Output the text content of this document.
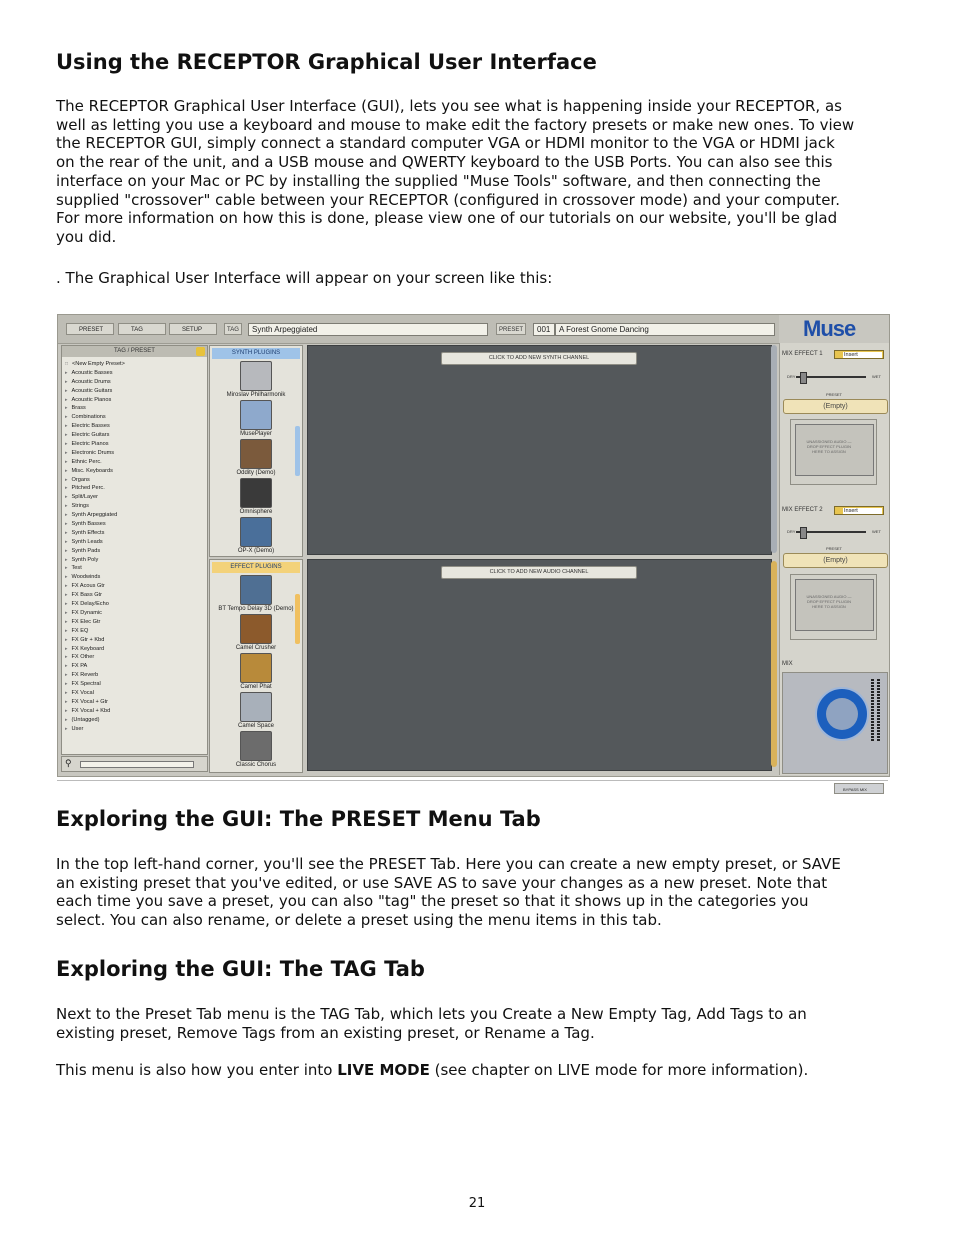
Using the RECEPTOR Graphical User Interface

The RECEPTOR Graphical User Interface (GUI), lets you see what is happening inside your RECEPTOR, as well as letting you use a keyboard and mouse to make edit the factory presets or make new ones. To view the RECEPTOR GUI, simply connect a standard computer VGA or HDMI monitor to the VGA or HDMI jack on the rear of the unit, and a USB mouse and QWERTY keyboard to the USB Ports. You can also see this interface on your Mac or PC by installing the supplied "Muse Tools" software, and then connecting the supplied "crossover" cable between your RECEPTOR (configured in crossover mode) and your computer. For more information on how this is done, please view one of our tutorials on our website, you'll be glad you did.

. The Graphical User Interface will appear on your screen like this:

PRESET	TAG	SETUP	TAG	Synth Arpeggiated	PRESET	001	A Forest Gnome Dancing	Muse
TAG / PRESET
□ <New Empty Preset>
▸ Acoustic Basses
▸ Acoustic Drums
▸ Acoustic Guitars
▸ Acoustic Pianos
▸ Brass
▸ Combinations
▸ Electric Basses
▸ Electric Guitars
▸ Electric Pianos
▸ Electronic Drums
▸ Ethnic Perc.
▸ Misc. Keyboards
▸ Organs
▸ Pitched Perc.
▸ Split/Layer
▸ Strings
▸ Synth Arpeggiated
▸ Synth Basses
▸ Synth Effects
▸ Synth Leads
▸ Synth Pads
▸ Synth Poly
▸ Test
▸ Woodwinds
▸ FX Acous Gtr
▸ FX Bass Gtr
▸ FX Delay/Echo
▸ FX Dynamic
▸ FX Elec Gtr
▸ FX EQ
▸ FX Gtr + Kbd
▸ FX Keyboard
▸ FX Other
▸ FX PA
▸ FX Reverb
▸ FX Spectral
▸ FX Vocal
▸ FX Vocal + Gtr
▸ FX Vocal + Kbd
▸ (Untagged)
▸ User
⚲
SYNTH PLUGINS
Miroslav Philharmonik
MusePlayer
Oddity (Demo)
Omnisphere
OP-X (Demo)
EFFECT PLUGINS
BT Tempo Delay 3D (Demo)
Camel Crusher
Camel Phat
Camel Space
Classic Chorus
CLICK TO ADD NEW SYNTH CHANNEL
CLICK TO ADD NEW AUDIO CHANNEL
MIX EFFECT 1	Insert
DRY	WET
PRESET
(Empty)
UNASSIGNED AUDIO — DROP EFFECT PLUGIN HERE TO ASSIGN
MIX EFFECT 2	Insert
DRY	WET
PRESET
(Empty)
UNASSIGNED AUDIO — DROP EFFECT PLUGIN HERE TO ASSIGN
MIX
BYPASS MIX
Exploring the GUI: The PRESET Menu Tab

In the top left-hand corner, you'll see the PRESET Tab. Here you can create a new empty preset, or SAVE an existing preset that you've edited, or use SAVE AS to save your changes as a new preset. Note that each time you save a preset, you can also "tag" the preset so that it shows up in the categories you select. You can also rename, or delete a preset using the menu items in this tab.

Exploring the GUI: The TAG Tab

Next to the Preset Tab menu is the TAG Tab, which lets you Create a New Empty Tag, Add Tags to an existing preset, Remove Tags from an existing preset, or Rename a Tag.

This menu is also how you enter into LIVE MODE (see chapter on LIVE mode for more information).

21
